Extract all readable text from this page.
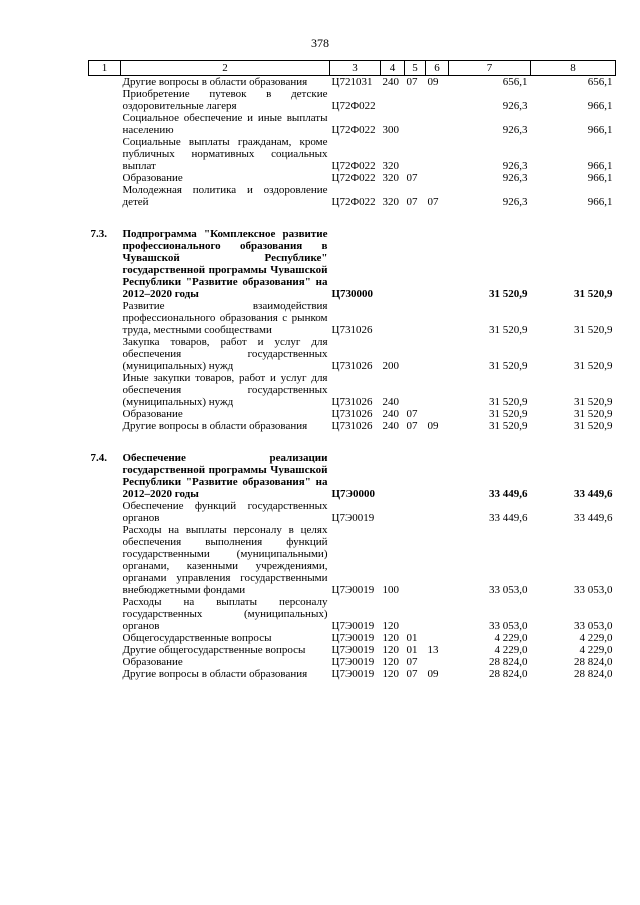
378
1	2	3	4	5	6	7	8
	Другие вопросы в области образования	Ц721031	240	07	09	656,1	656,1
	Приобретение путевок в детские оздоровительные лагеря	Ц72Ф022				926,3	966,1
	Социальное обеспечение и иные выплаты населению	Ц72Ф022	300			926,3	966,1
	Социальные выплаты гражданам, кроме публичных нормативных социальных выплат	Ц72Ф022	320			926,3	966,1
	Образование	Ц72Ф022	320	07		926,3	966,1
	Молодежная политика и оздоровление детей	Ц72Ф022	320	07	07	926,3	966,1

7.3.	Подпрограмма "Комплексное развитие профессионального образования в Чувашской Республике" государственной программы Чувашской Республики "Развитие образования" на 2012–2020 годы	Ц730000				31 520,9	31 520,9
	Развитие взаимодействия профессионального образования с рынком труда, местными сообществами	Ц731026				31 520,9	31 520,9
	Закупка товаров, работ и услуг для обеспечения государственных (муниципальных) нужд	Ц731026	200			31 520,9	31 520,9
	Иные закупки товаров, работ и услуг для обеспечения государственных (муниципальных) нужд	Ц731026	240			31 520,9	31 520,9
	Образование	Ц731026	240	07		31 520,9	31 520,9
	Другие вопросы в области образования	Ц731026	240	07	09	31 520,9	31 520,9

7.4.	Обеспечение реализации государственной программы Чувашской Республики "Развитие образования" на 2012–2020 годы	Ц7Э0000				33 449,6	33 449,6
	Обеспечение функций государственных органов	Ц7Э0019				33 449,6	33 449,6
	Расходы на выплаты персоналу в целях обеспечения выполнения функций государственными (муниципальными) органами, казенными учреждениями, органами управления государственными внебюджетными фондами	Ц7Э0019	100			33 053,0	33 053,0
	Расходы на выплаты персоналу государственных (муниципальных) органов	Ц7Э0019	120			33 053,0	33 053,0
	Общегосударственные вопросы	Ц7Э0019	120	01		4 229,0	4 229,0
	Другие общегосударственные вопросы	Ц7Э0019	120	01	13	4 229,0	4 229,0
	Образование	Ц7Э0019	120	07		28 824,0	28 824,0
	Другие вопросы в области образования	Ц7Э0019	120	07	09	28 824,0	28 824,0
